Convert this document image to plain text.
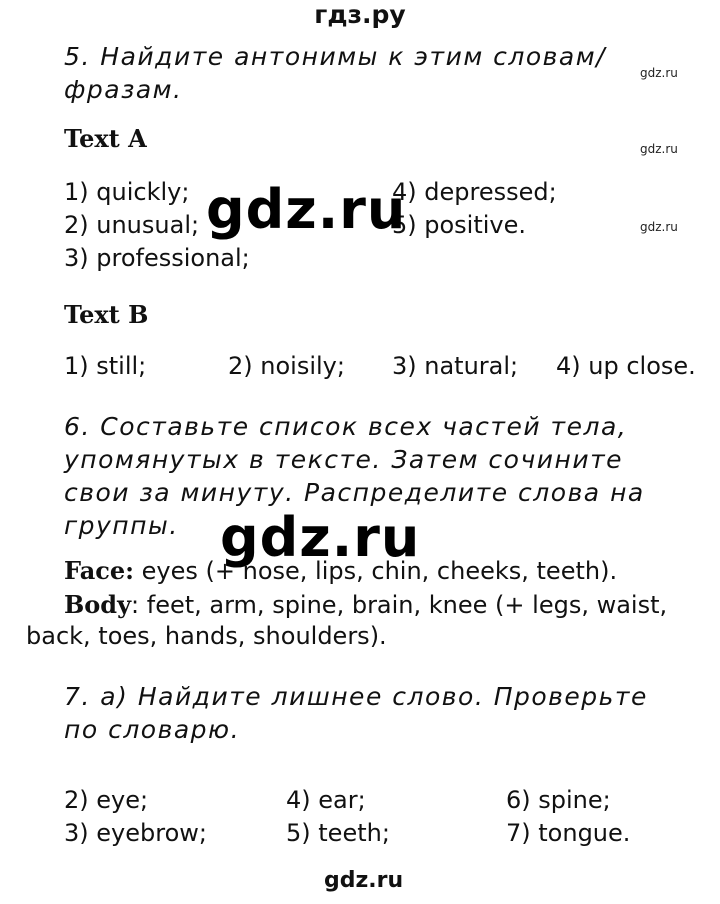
гдз.ру
5. Найдите антонимы к этим словам/ фразам.
gdz.ru
Text A	gdz.ru
1) quickly;
2) unusual;
3) professional;
4) depressed;
5) positive.	gdz.ru
gdz.ru
Text B
1) still;	2) noisily; 3) natural; 4) up close.
6. Составьте список всех частей тела, упомянутых в тексте. Затем сочините свои за минуту. Распределите слова на группы. gdz.ru
Face: eyes (+ nose, lips, chin, cheeks, teeth).
Body: feet, arm, spine, brain, knee (+ legs, waist,
back, toes, hands, shoulders).
7. a) Найдите лишнее слово. Проверьте по словарю.
2) eye;
3) eyebrow;
4) ear;
5) teeth;
6) spine;
7) tongue.
gdz.ru
